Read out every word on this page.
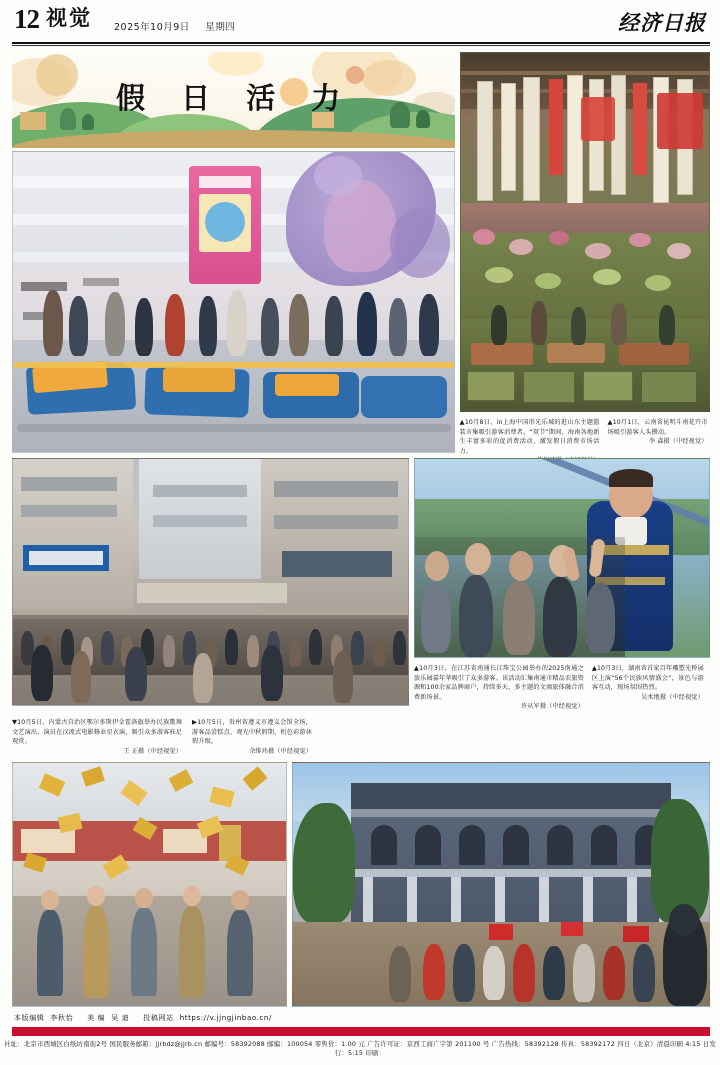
12 视觉 2025年10月9日 星期四	经济日报
假 日 活 力
▲10月8日，in上海中国形光乐城的逛山东主题篮装市集吸引游客消费者。“双节”期间，海南各地新生丰富多彩的促消费活动，激发假日消费市场活力。
▲10月1日，云南省昆明斗南花卉市场吸引游客人头攒动。
李 森摄（中经视觉）
▲10月3日，在江苏省南通长江珠宝公园举办的2025南通之旅乐园嘉年华吸引了众多游客。该活动汇集南通市精品农旅资源和100余家品牌商户，持续多天，多主题的文商旅体融合消费新场景。
许从军摄（中经视觉）
▲10月3日，湖南省首家百年雕塑光桥展区上演“56个民族风情盛会”，景色与游客互动，现场氛围热烈。
吴术地摄（中经视觉）
▼10月5日，内蒙古自治区鄂尔多斯伊金霍洛旗举办民族歌舞文艺演出，演员在汉流式电影修业星衣演，吸引众多游客驻足观赏。
王 正摄（中经视觉）
▶10月5日，贵州省遵义市遵义会馆全场，游客品尝糕点、观光中秋假期，机色彩游休假升级。
余绯玮摄（中经视觉）
本版编辑 李秋怡 美 编 吴 迪 投稿网站 https://v.jjngjinbao.cn/
社址：北京市西城区白纸坊南街2号 国民服务邮箱：jjrbdz@jjrb.cn 邮编号：58392088 邮编：100054 零售价：1.00 元 广告许可证：京西工商广字第 201100 号 广告热线：58392128 传真：58392172 四日（北京）清晨印刷 4:15 日发行：5:15 印刷：
